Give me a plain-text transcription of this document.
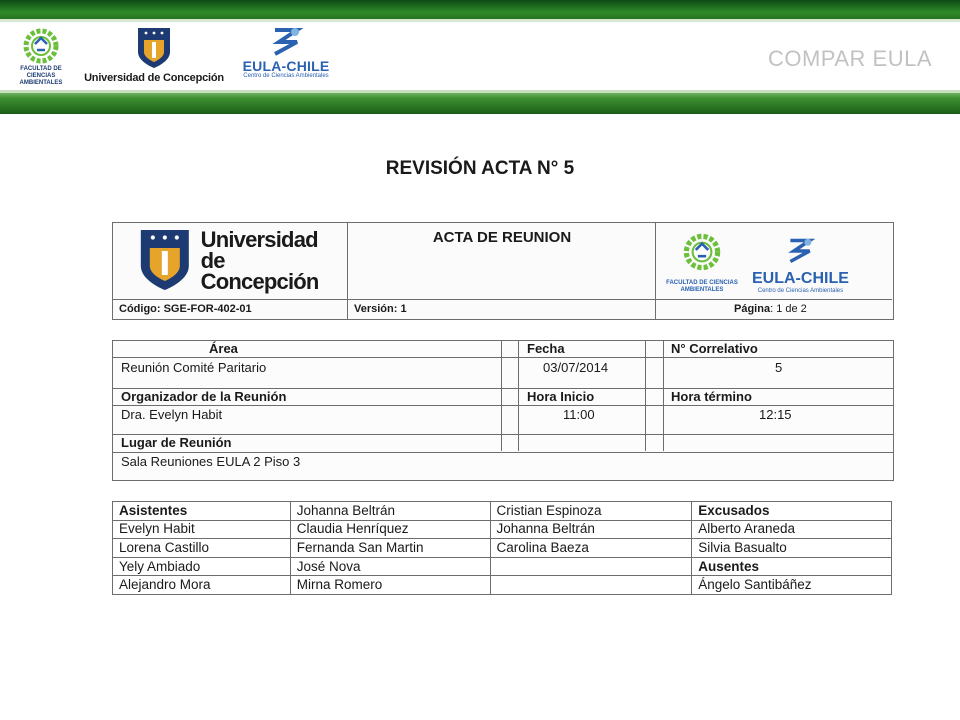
FACULTAD DE CIENCIAS AMBIENTALES	Universidad de Concepción
EULA-CHILE
Centro de Ciencias Ambientales
COMPAR EULA
REVISIÓN ACTA N° 5
Universidad
de Concepción
ACTA DE REUNION
FACULTAD DE CIENCIAS AMBIENTALES
EULA-CHILE
Centro de Ciencias Ambientales
Código: SGE-FOR-402-01	Versión: 1	Página: 1 de 2
Área	Fecha	N° Correlativo
Reunión Comité Paritario	03/07/2014	5
Organizador de la Reunión	Hora Inicio	Hora término
Dra. Evelyn Habit	11:00	12:15
Lugar de Reunión
Sala Reuniones EULA 2 Piso 3
Asistentes	Johanna Beltrán	Cristian Espinoza	Excusados
Evelyn Habit	Claudia Henríquez	Johanna Beltrán	Alberto Araneda
Lorena Castillo	Fernanda San Martin	Carolina Baeza	Silvia Basualto
Yely Ambiado	José Nova		Ausentes
Alejandro Mora	Mirna Romero		Ángelo Santibáñez
